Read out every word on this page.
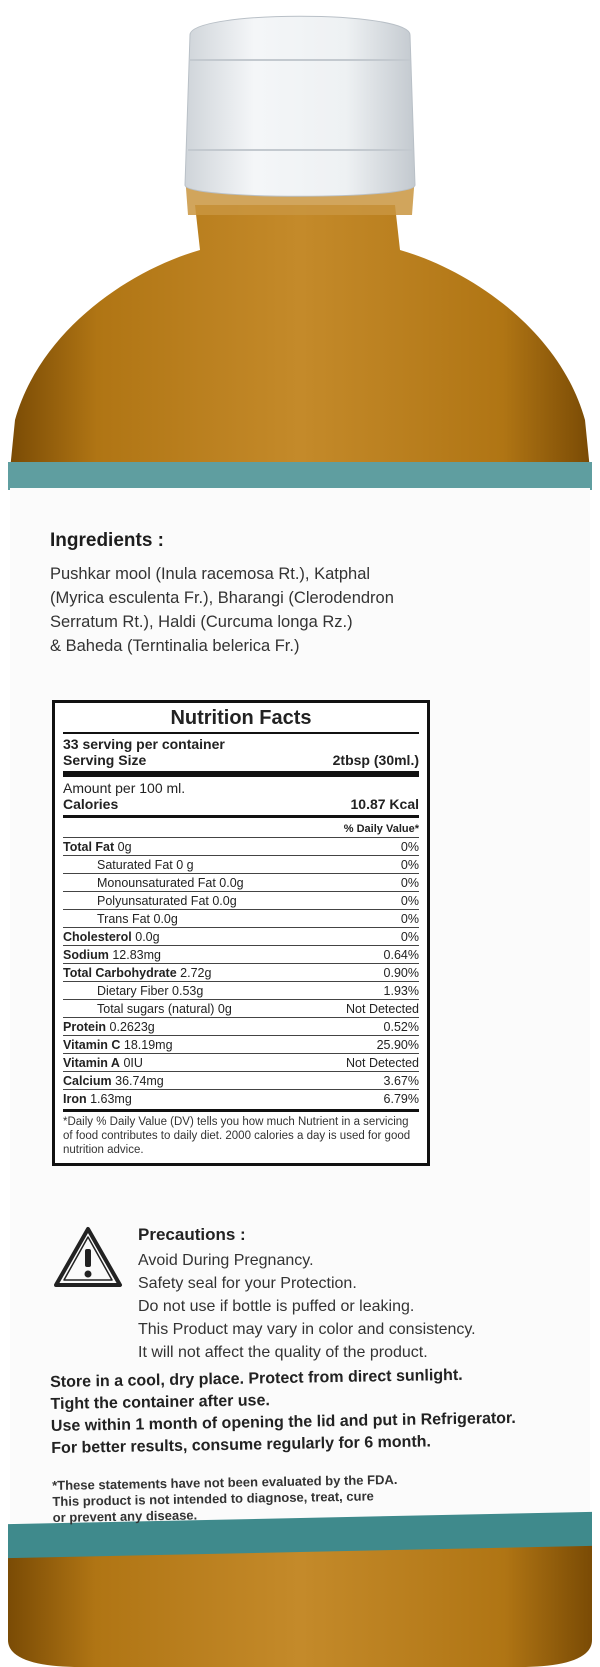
Ingredients :

Pushkar mool (Inula racemosa Rt.), Katphal
(Myrica esculenta Fr.), Bharangi (Clerodendron
Serratum Rt.), Haldi (Curcuma longa Rz.)
& Baheda (Terntinalia belerica Fr.)

Nutrition Facts
33 serving per container
Serving Size	2tbsp (30ml.)
Amount per 100 ml.
Calories	10.87 Kcal
% Daily Value*
Total Fat 0g	0%
Saturated Fat 0 g	0%
Monounsaturated Fat 0.0g	0%
Polyunsaturated Fat 0.0g	0%
Trans Fat 0.0g	0%
Cholesterol 0.0g	0%
Sodium 12.83mg	0.64%
Total Carbohydrate 2.72g	0.90%
Dietary Fiber 0.53g	1.93%
Total sugars (natural) 0g	Not Detected
Protein 0.2623g	0.52%
Vitamin C 18.19mg	25.90%
Vitamin A 0IU	Not Detected
Calcium 36.74mg	3.67%
Iron 1.63mg	6.79%
*Daily % Daily Value (DV) tells you how much Nutrient in a servicing of food contributes to daily diet. 2000 calories a day is used for good nutrition advice.
Precautions :
Avoid During Pregnancy.
Safety seal for your Protection.
Do not use if bottle is puffed or leaking.
This Product may vary in color and consistency.
It will not affect the quality of the product.
Store in a cool, dry place. Protect from direct sunlight.
Tight the container after use.
Use within 1 month of opening the lid and put in Refrigerator.
For better results, consume regularly for 6 month.
*These statements have not been evaluated by the FDA.
This product is not intended to diagnose, treat, cure
or prevent any disease.
